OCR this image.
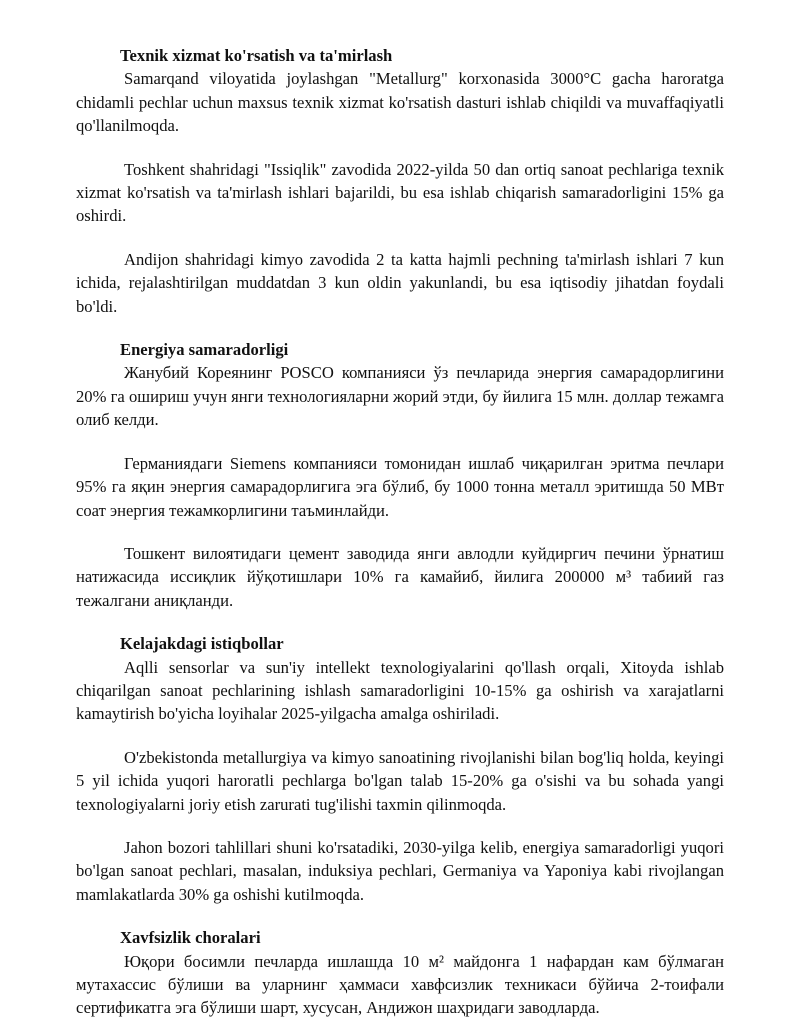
Texnik xizmat ko'rsatish va ta'mirlash

Samarqand viloyatida joylashgan "Metallurg" korxonasida 3000°C gacha haroratga chidamli pechlar uchun maxsus texnik xizmat ko'rsatish dasturi ishlab chiqildi va muvaffaqiyatli qo'llanilmoqda.

Toshkent shahridagi "Issiqlik" zavodida 2022-yilda 50 dan ortiq sanoat pechlariga texnik xizmat ko'rsatish va ta'mirlash ishlari bajarildi, bu esa ishlab chiqarish samaradorligini 15% ga oshirdi.

Andijon shahridagi kimyo zavodida 2 ta katta hajmli pechning ta'mirlash ishlari 7 kun ichida, rejalashtirilgan muddatdan 3 kun oldin yakunlandi, bu esa iqtisodiy jihatdan foydali bo'ldi.

Energiya samaradorligi

Жанубий Кореянинг POSCO компанияси ўз печларида энергия самарадорлигини 20% га ошириш учун янги технологияларни жорий этди, бу йилига 15 млн. доллар тежамга олиб келди.

Германиядаги Siemens компанияси томонидан ишлаб чиқарилган эритма печлари 95% га яқин энергия самарадорлигига эга бўлиб, бу 1000 тонна металл эритишда 50 МВт соат энергия тежамкорлигини таъминлайди.

Тошкент вилоятидаги цемент заводида янги авлодли куйдиргич печини ўрнатиш натижасида иссиқлик йўқотишлари 10% га камайиб, йилига 200000 м³ табиий газ тежалгани аниқланди.

Kelajakdagi istiqbollar

Aqlli sensorlar va sun'iy intellekt texnologiyalarini qo'llash orqali, Xitoyda ishlab chiqarilgan sanoat pechlarining ishlash samaradorligini 10-15% ga oshirish va xarajatlarni kamaytirish bo'yicha loyihalar 2025-yilgacha amalga oshiriladi.

O'zbekistonda metallurgiya va kimyo sanoatining rivojlanishi bilan bog'liq holda, keyingi 5 yil ichida yuqori haroratli pechlarga bo'lgan talab 15-20% ga o'sishi va bu sohada yangi texnologiyalarni joriy etish zarurati tug'ilishi taxmin qilinmoqda.

Jahon bozori tahlillari shuni ko'rsatadiki, 2030-yilga kelib, energiya samaradorligi yuqori bo'lgan sanoat pechlari, masalan, induksiya pechlari, Germaniya va Yaponiya kabi rivojlangan mamlakatlarda 30% ga oshishi kutilmoqda.

Xavfsizlik choralari

Юқори босимли печларда ишлашда 10 м² майдонга 1 нафардан кам бўлмаган мутахассис бўлиши ва уларнинг ҳаммаси хавфсизлик техникаси бўйича 2-тоифали сертификатга эга бўлиши шарт, хусусан, Андижон шаҳридаги заводларда.
